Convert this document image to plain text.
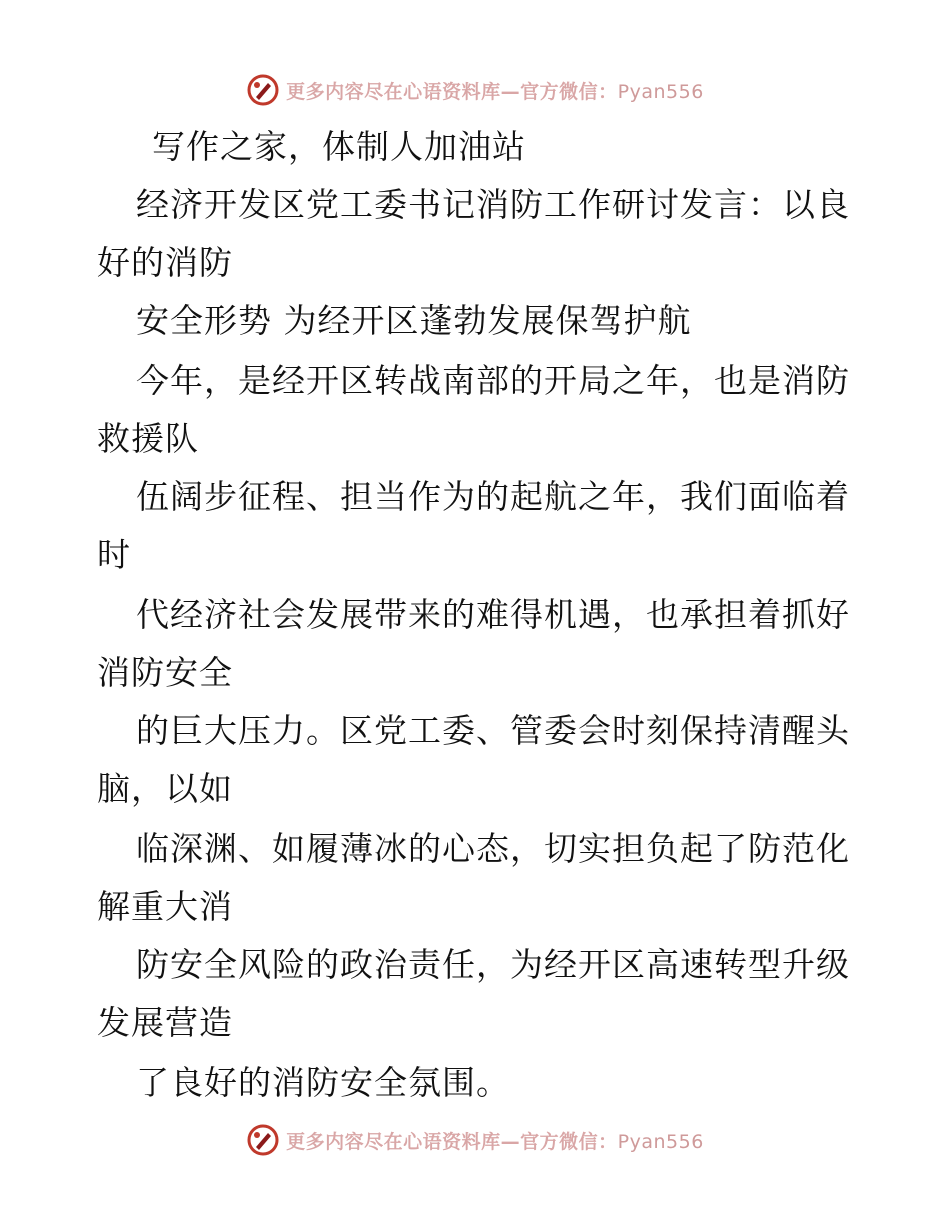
更多内容尽在心语资料库—官方微信：Pyan556
写作之家，体制人加油站
经济开发区党工委书记消防工作研讨发言：以良
好的消防
安全形势 为经开区蓬勃发展保驾护航
今年，是经开区转战南部的开局之年，也是消防
救援队
伍阔步征程、担当作为的起航之年，我们面临着
时
代经济社会发展带来的难得机遇，也承担着抓好
消防安全
的巨大压力。区党工委、管委会时刻保持清醒头
脑，以如
临深渊、如履薄冰的心态，切实担负起了防范化
解重大消
防安全风险的政治责任，为经开区高速转型升级
发展营造
了良好的消防安全氛围。
更多内容尽在心语资料库—官方微信：Pyan556
